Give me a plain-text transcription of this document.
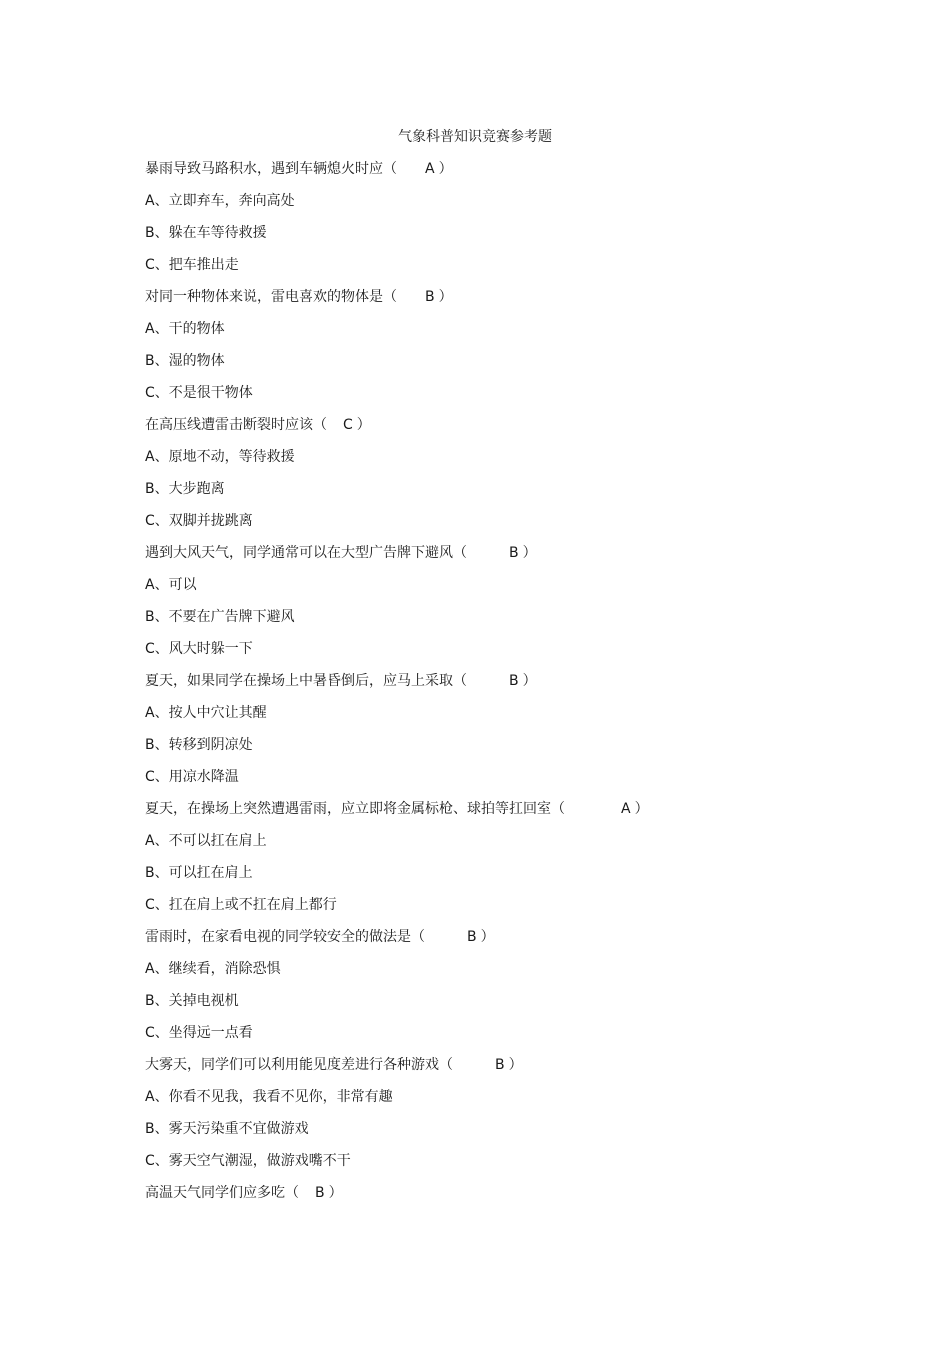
气象科普知识竞赛参考题
暴雨导致马路积水，遇到车辆熄火时应（ A ）
A、立即弃车，奔向高处
B、躲在车等待救援
C、把车推出走
对同一种物体来说，雷电喜欢的物体是（ B ）
A、干的物体
B、湿的物体
C、不是很干物体
在高压线遭雷击断裂时应该（ C ）
A、原地不动，等待救援
B、大步跑离
C、双脚并拢跳离
遇到大风天气，同学通常可以在大型广告牌下避风（	B ）
A、可以
B、不要在广告牌下避风
C、风大时躲一下
夏天，如果同学在操场上中暑昏倒后，应马上采取（	B ）
A、按人中穴让其醒
B、转移到阴凉处
C、用凉水降温
夏天，在操场上突然遭遇雷雨，应立即将金属标枪、球拍等扛回室（	A ）
A、不可以扛在肩上
B、可以扛在肩上
C、扛在肩上或不扛在肩上都行
雷雨时，在家看电视的同学较安全的做法是（	B ）
A、继续看，消除恐惧
B、关掉电视机
C、坐得远一点看
大雾天，同学们可以利用能见度差进行各种游戏（	B ）
A、你看不见我，我看不见你，非常有趣
B、雾天污染重不宜做游戏
C、雾天空气潮湿，做游戏嘴不干
高温天气同学们应多吃（ B ）
